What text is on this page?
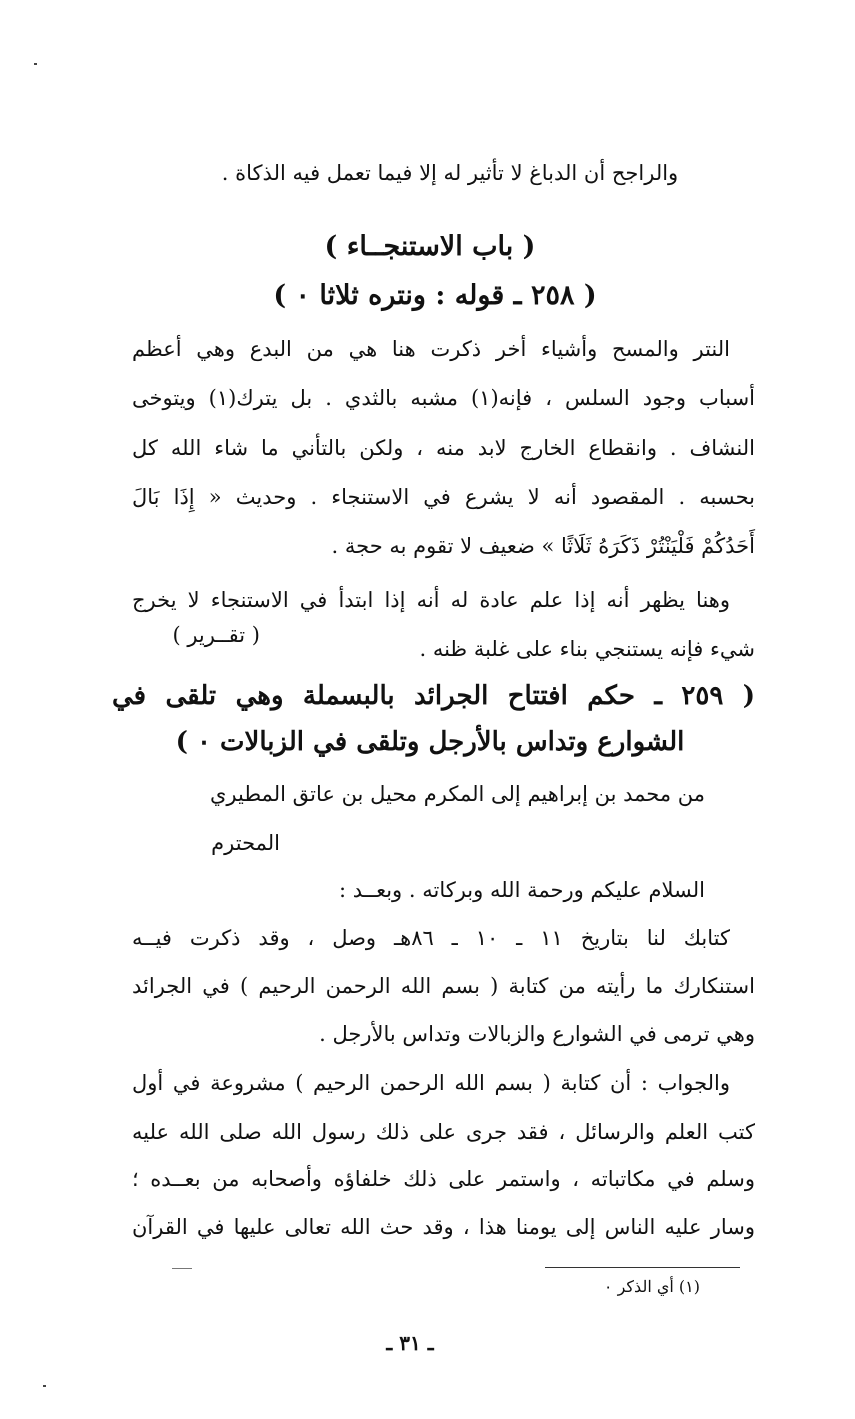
والراجح أن الدباغ لا تأثير له إلا فيما تعمل فيه الذكاة .
( باب الاستنجــاء )
( ٢٥٨ ـ قوله : ونتره ثلاثا ٠ )
النتر والمسح وأشياء أخر ذكرت هنا هي من البدع وهي أعظم
أسباب وجود السلس ، فإنه(١) مشبه بالثدي . بل يترك(١) ويتوخى
النشاف . وانقطاع الخارج لابد منه ، ولكن بالتأني ما شاء الله كل
بحسبه . المقصود أنه لا يشرع في الاستنجاء . وحديث « إِذَا بَالَ
أَحَدُكُمْ فَلْيَنْتُرْ ذَكَرَهُ ثَلَاثًا » ضعيف لا تقوم به حجة .
وهنا يظهر أنه إذا علم عادة له أنه إذا ابتدأ في الاستنجاء لا يخرج
شيء فإنه يستنجي بناء على غلبة ظنه .
( تقــرير )
( ٢٥٩ ـ حكم افتتاح الجرائد بالبسملة وهي تلقى في
الشوارع وتداس بالأرجل وتلقى في الزبالات ٠ )
من محمد بن إبراهيم إلى المكرم محيل بن عاتق المطيري
المحترم
السلام عليكم ورحمة الله وبركاته . وبعــد :
كتابك لنا بتاريخ ١١ ـ ١٠ ـ ٨٦هـ وصل ، وقد ذكرت فيــه
استنكارك ما رأيته من كتابة ( بسم الله الرحمن الرحيم ) في الجرائد
وهي ترمى في الشوارع والزبالات وتداس بالأرجل .
والجواب : أن كتابة ( بسم الله الرحمن الرحيم ) مشروعة في أول
كتب العلم والرسائل ، فقد جرى على ذلك رسول الله صلى الله عليه
وسلم في مكاتباته ، واستمر على ذلك خلفاؤه وأصحابه من بعــده ؛
وسار عليه الناس إلى يومنا هذا ، وقد حث الله تعالى عليها في القرآن
(١) أي الذكر ٠
ـ ٣١ ـ
